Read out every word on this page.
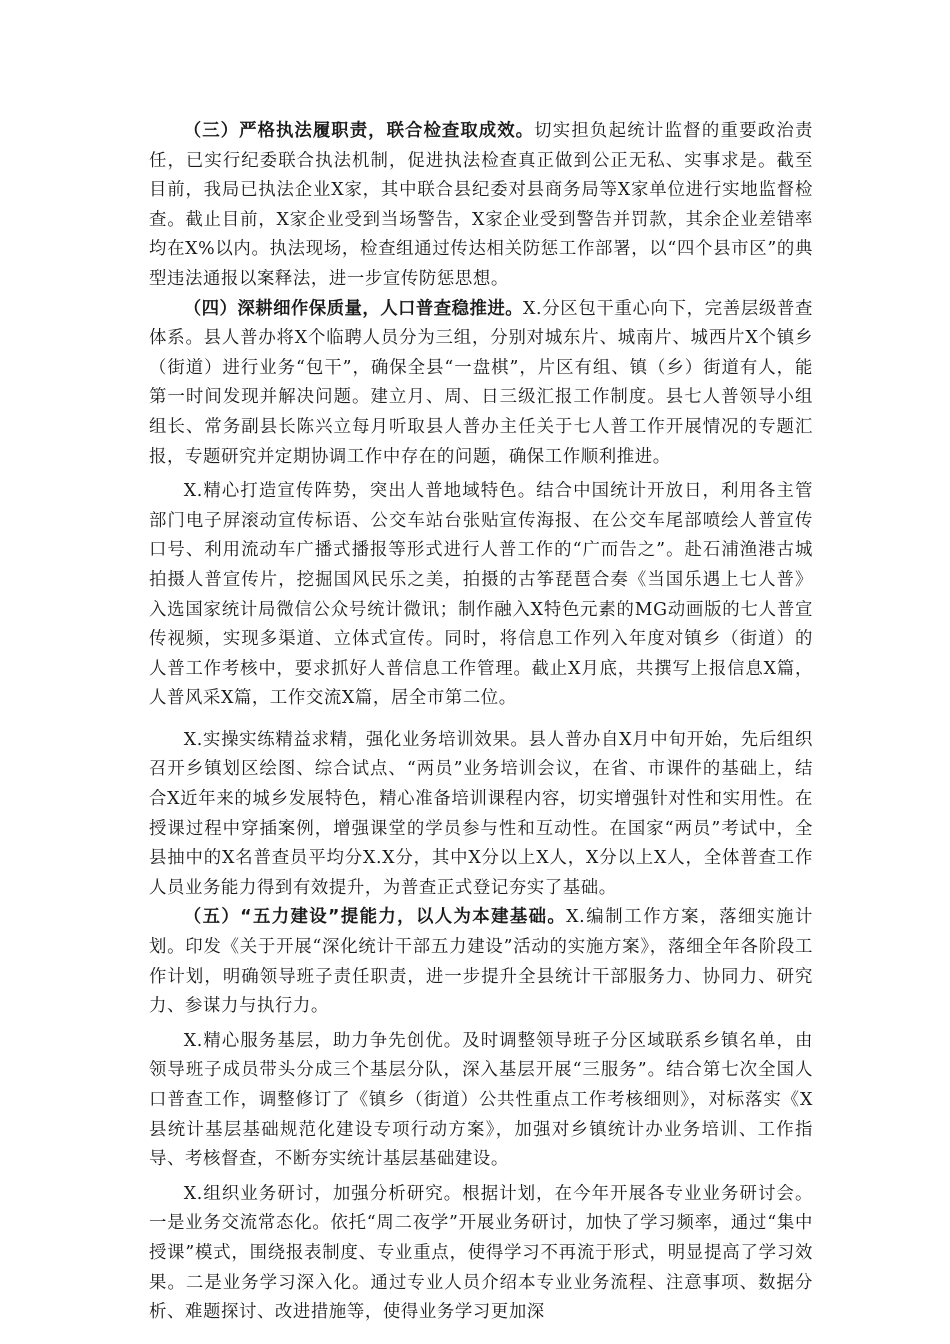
（三）严格执法履职责，联合检查取成效。切实担负起统计监督的重要政治责任，已实行纪委联合执法机制，促进执法检查真正做到公正无私、实事求是。截至目前，我局已执法企业X家，其中联合县纪委对县商务局等X家单位进行实地监督检查。截止目前，X家企业受到当场警告，X家企业受到警告并罚款，其余企业差错率均在X%以内。执法现场，检查组通过传达相关防惩工作部署，以“四个县市区”的典型违法通报以案释法，进一步宣传防惩思想。

（四）深耕细作保质量，人口普查稳推进。X.分区包干重心向下，完善层级普查体系。县人普办将X个临聘人员分为三组，分别对城东片、城南片、城西片X个镇乡（街道）进行业务“包干”，确保全县“一盘棋”，片区有组、镇（乡）街道有人，能第一时间发现并解决问题。建立月、周、日三级汇报工作制度。县七人普领导小组组长、常务副县长陈兴立每月听取县人普办主任关于七人普工作开展情况的专题汇报，专题研究并定期协调工作中存在的问题，确保工作顺利推进。

X.精心打造宣传阵势，突出人普地域特色。结合中国统计开放日，利用各主管部门电子屏滚动宣传标语、公交车站台张贴宣传海报、在公交车尾部喷绘人普宣传口号、利用流动车广播式播报等形式进行人普工作的“广而告之”。赴石浦渔港古城拍摄人普宣传片，挖掘国风民乐之美，拍摄的古筝琵琶合奏《当国乐遇上七人普》入选国家统计局微信公众号统计微讯；制作融入X特色元素的MG动画版的七人普宣传视频，实现多渠道、立体式宣传。同时，将信息工作列入年度对镇乡（街道）的人普工作考核中，要求抓好人普信息工作管理。截止X月底，共撰写上报信息X篇，人普风采X篇，工作交流X篇，居全市第二位。

X.实操实练精益求精，强化业务培训效果。县人普办自X月中旬开始，先后组织召开乡镇划区绘图、综合试点、“两员”业务培训会议，在省、市课件的基础上，结合X近年来的城乡发展特色，精心准备培训课程内容，切实增强针对性和实用性。在授课过程中穿插案例，增强课堂的学员参与性和互动性。在国家“两员”考试中，全县抽中的X名普查员平均分X.X分，其中X分以上X人，X分以上X人，全体普查工作人员业务能力得到有效提升，为普查正式登记夯实了基础。

（五）“五力建设”提能力，以人为本建基础。X.编制工作方案，落细实施计划。印发《关于开展“深化统计干部五力建设”活动的实施方案》，落细全年各阶段工作计划，明确领导班子责任职责，进一步提升全县统计干部服务力、协同力、研究力、参谋力与执行力。

X.精心服务基层，助力争先创优。及时调整领导班子分区域联系乡镇名单，由领导班子成员带头分成三个基层分队，深入基层开展“三服务”。结合第七次全国人口普查工作，调整修订了《镇乡（街道）公共性重点工作考核细则》，对标落实《X县统计基层基础规范化建设专项行动方案》，加强对乡镇统计办业务培训、工作指导、考核督查，不断夯实统计基层基础建设。

X.组织业务研讨，加强分析研究。根据计划，在今年开展各专业业务研讨会。一是业务交流常态化。依托“周二夜学”开展业务研讨，加快了学习频率，通过“集中授课”模式，围绕报表制度、专业重点，使得学习不再流于形式，明显提高了学习效果。二是业务学习深入化。通过专业人员介绍本专业业务流程、注意事项、数据分析、难题探讨、改进措施等，使得业务学习更加深
